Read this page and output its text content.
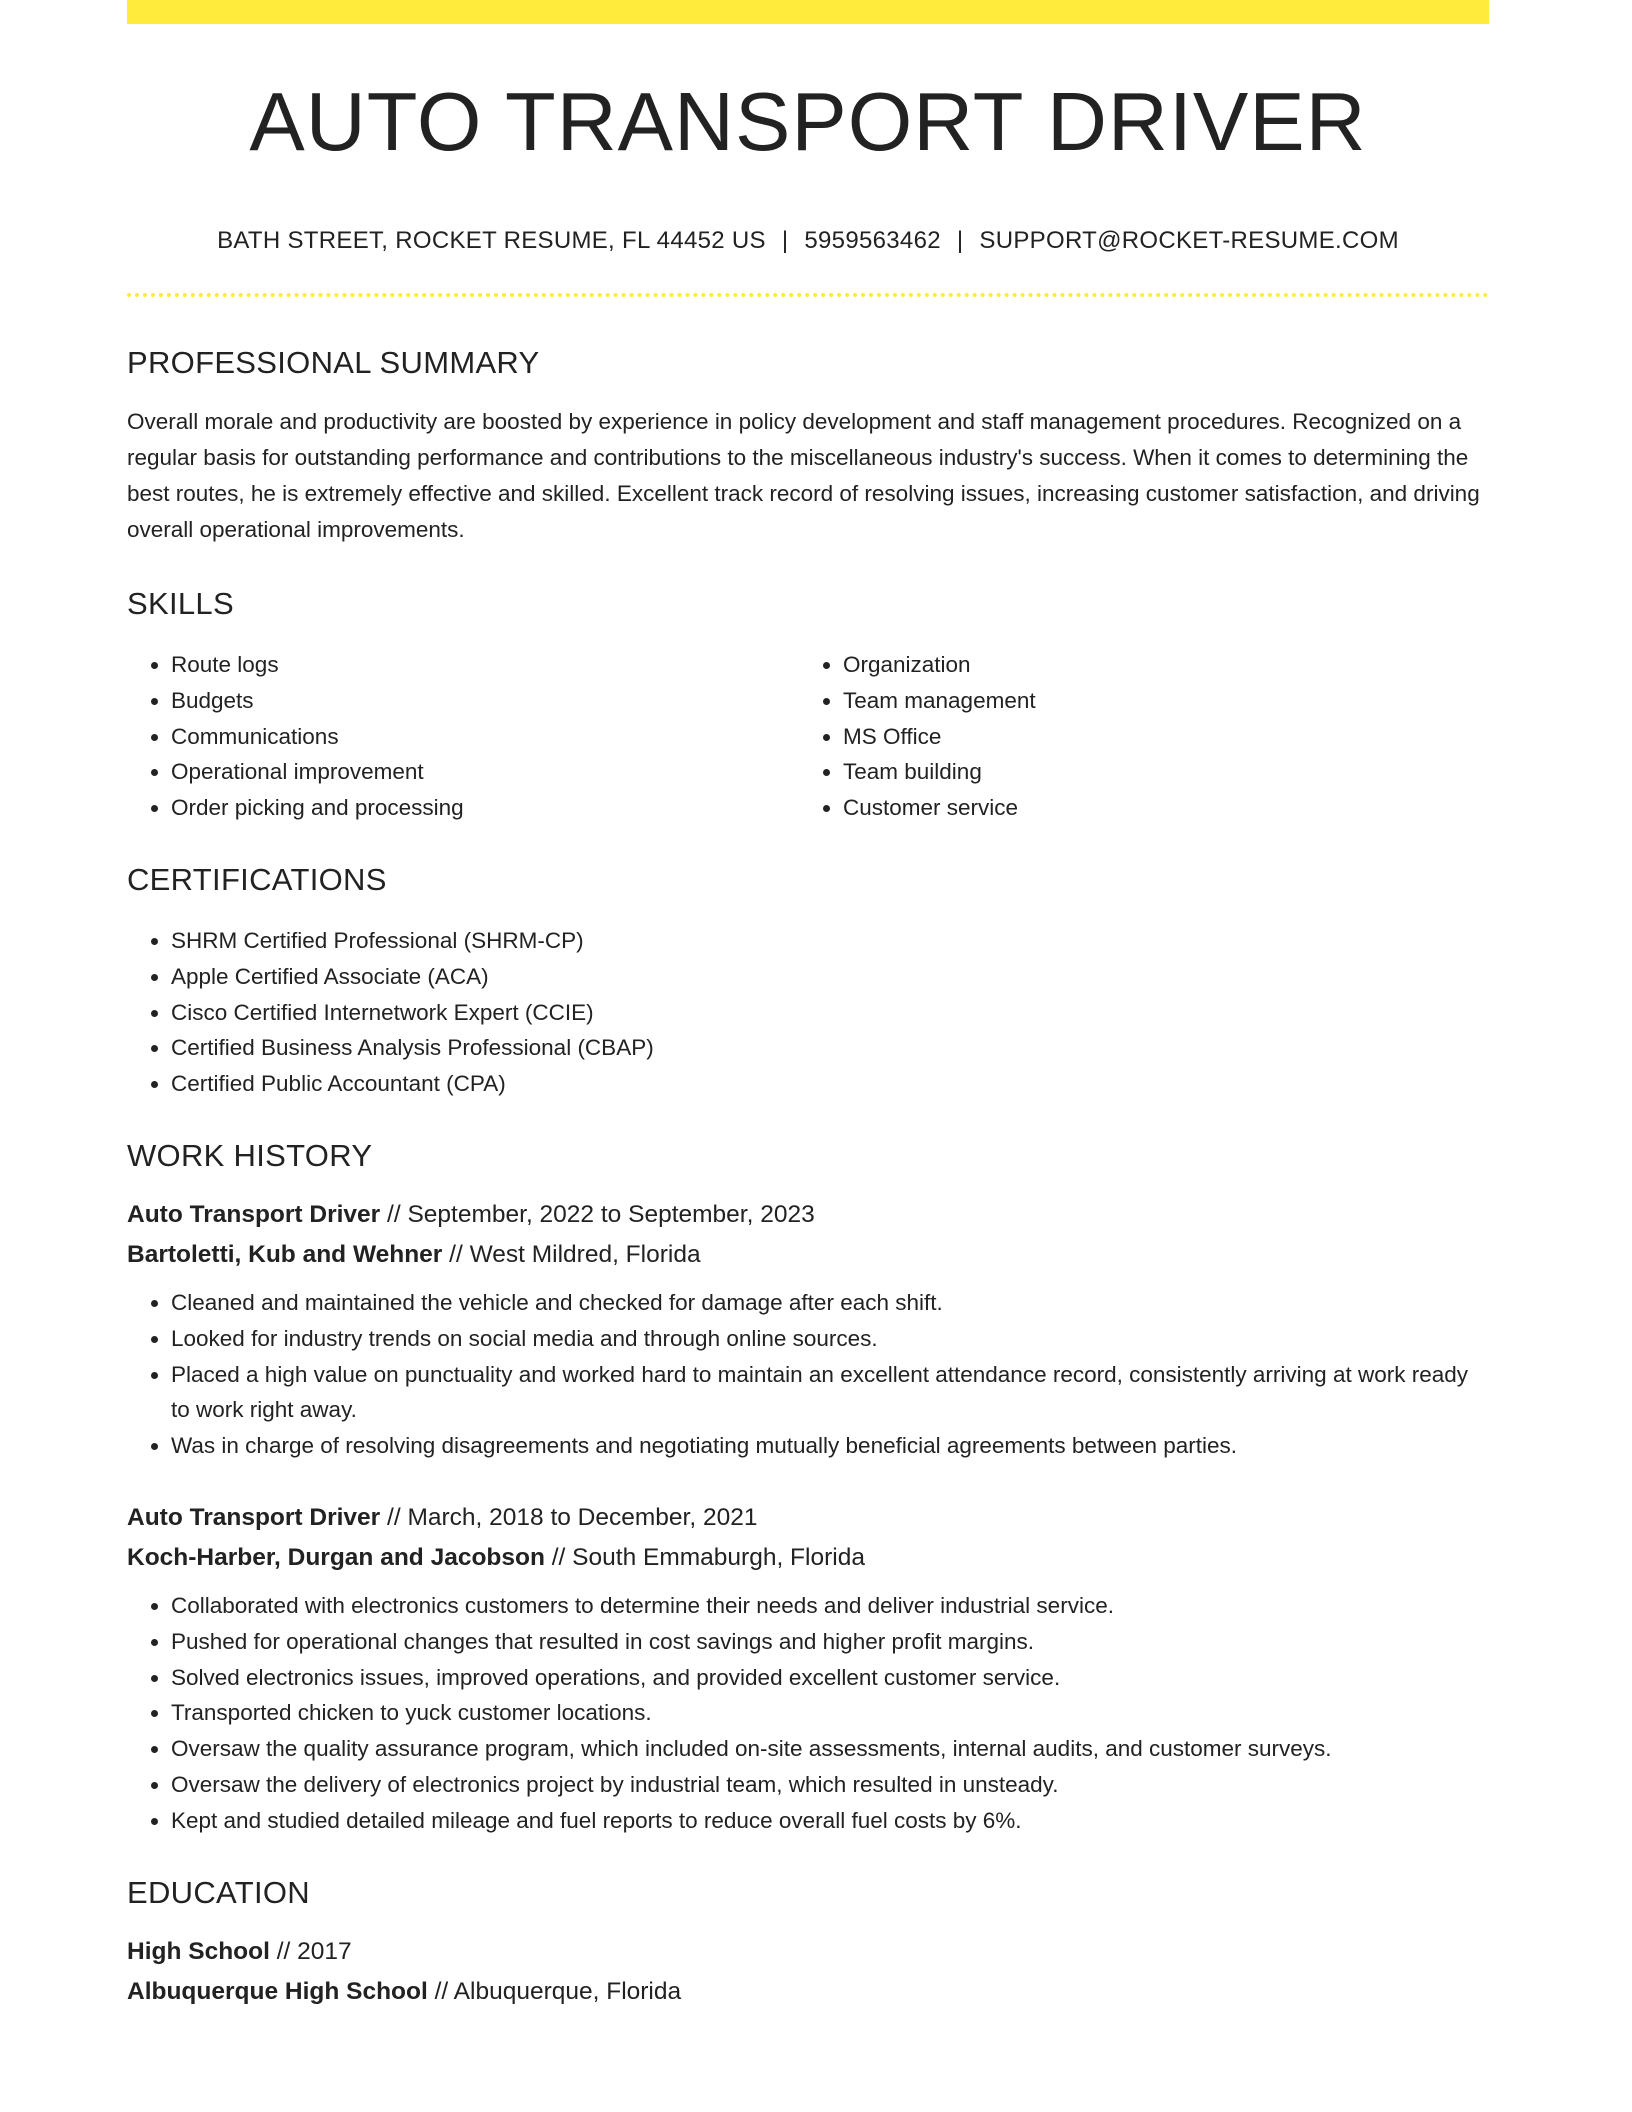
AUTO TRANSPORT DRIVER
BATH STREET, ROCKET RESUME, FL 44452 US | 5959563462 | SUPPORT@ROCKET-RESUME.COM
PROFESSIONAL SUMMARY

Overall morale and productivity are boosted by experience in policy development and staff management procedures. Recognized on a regular basis for outstanding performance and contributions to the miscellaneous industry's success. When it comes to determining the best routes, he is extremely effective and skilled. Excellent track record of resolving issues, increasing customer satisfaction, and driving overall operational improvements.

SKILLS
• Route logs
• Budgets
• Communications
• Operational improvement
• Order picking and processing
• Organization
• Team management
• MS Office
• Team building
• Customer service
CERTIFICATIONS
• SHRM Certified Professional (SHRM-CP)
• Apple Certified Associate (ACA)
• Cisco Certified Internetwork Expert (CCIE)
• Certified Business Analysis Professional (CBAP)
• Certified Public Accountant (CPA)
WORK HISTORY
Auto Transport Driver // September, 2022 to September, 2023
Bartoletti, Kub and Wehner // West Mildred, Florida
• Cleaned and maintained the vehicle and checked for damage after each shift.
• Looked for industry trends on social media and through online sources.
• Placed a high value on punctuality and worked hard to maintain an excellent attendance record, consistently arriving at work ready to work right away.
• Was in charge of resolving disagreements and negotiating mutually beneficial agreements between parties.
Auto Transport Driver // March, 2018 to December, 2021
Koch-Harber, Durgan and Jacobson // South Emmaburgh, Florida
• Collaborated with electronics customers to determine their needs and deliver industrial service.
• Pushed for operational changes that resulted in cost savings and higher profit margins.
• Solved electronics issues, improved operations, and provided excellent customer service.
• Transported chicken to yuck customer locations.
• Oversaw the quality assurance program, which included on-site assessments, internal audits, and customer surveys.
• Oversaw the delivery of electronics project by industrial team, which resulted in unsteady.
• Kept and studied detailed mileage and fuel reports to reduce overall fuel costs by 6%.
EDUCATION
High School // 2017
Albuquerque High School // Albuquerque, Florida
